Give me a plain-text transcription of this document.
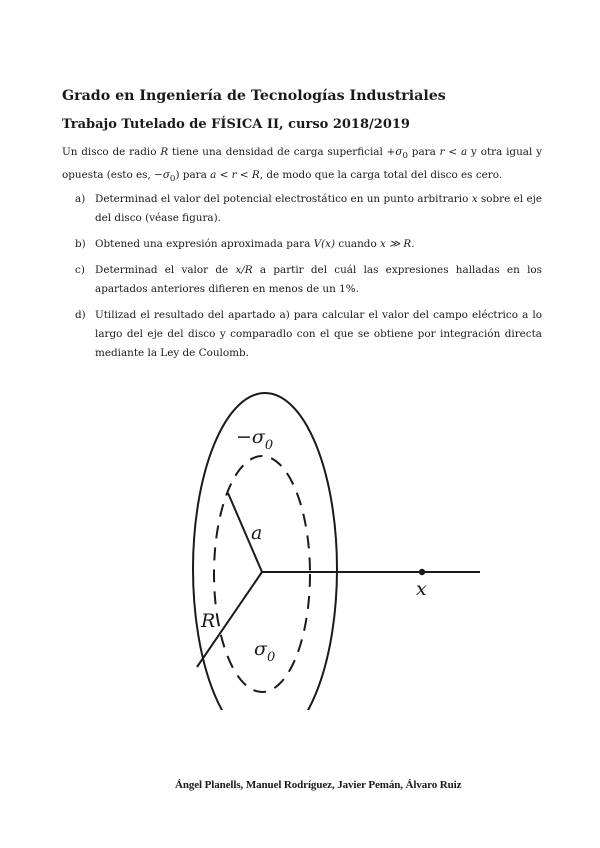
Grado en Ingeniería de Tecnologías Industriales
Trabajo Tutelado de FÍSICA II, curso 2018/2019
Un disco de radio R tiene una densidad de carga superficial $+\sigma_0$ para r < a y otra igual y opuesta (esto es, $-\sigma_0$) para a < r < R, de modo que la carga total del disco es cero.
a) Determinad el valor del potencial electrostático en un punto arbitrario x sobre el eje del disco (véase figura).
b) Obtened una expresión aproximada para V(x) cuando x ≫ R.
c) Determinad el valor de x/R a partir del cuál las expresiones halladas en los apartados anteriores difieren en menos de un 1%.
d) Utilizad el resultado del apartado a) para calcular el valor del campo eléctrico a lo largo del eje del disco y comparadlo con el que se obtiene por integración directa mediante la Ley de Coulomb.
$-\sigma_0$
$\sigma_0$
a
R
x
Ángel Planells, Manuel Rodríguez, Javier Pemán, Álvaro Ruiz
